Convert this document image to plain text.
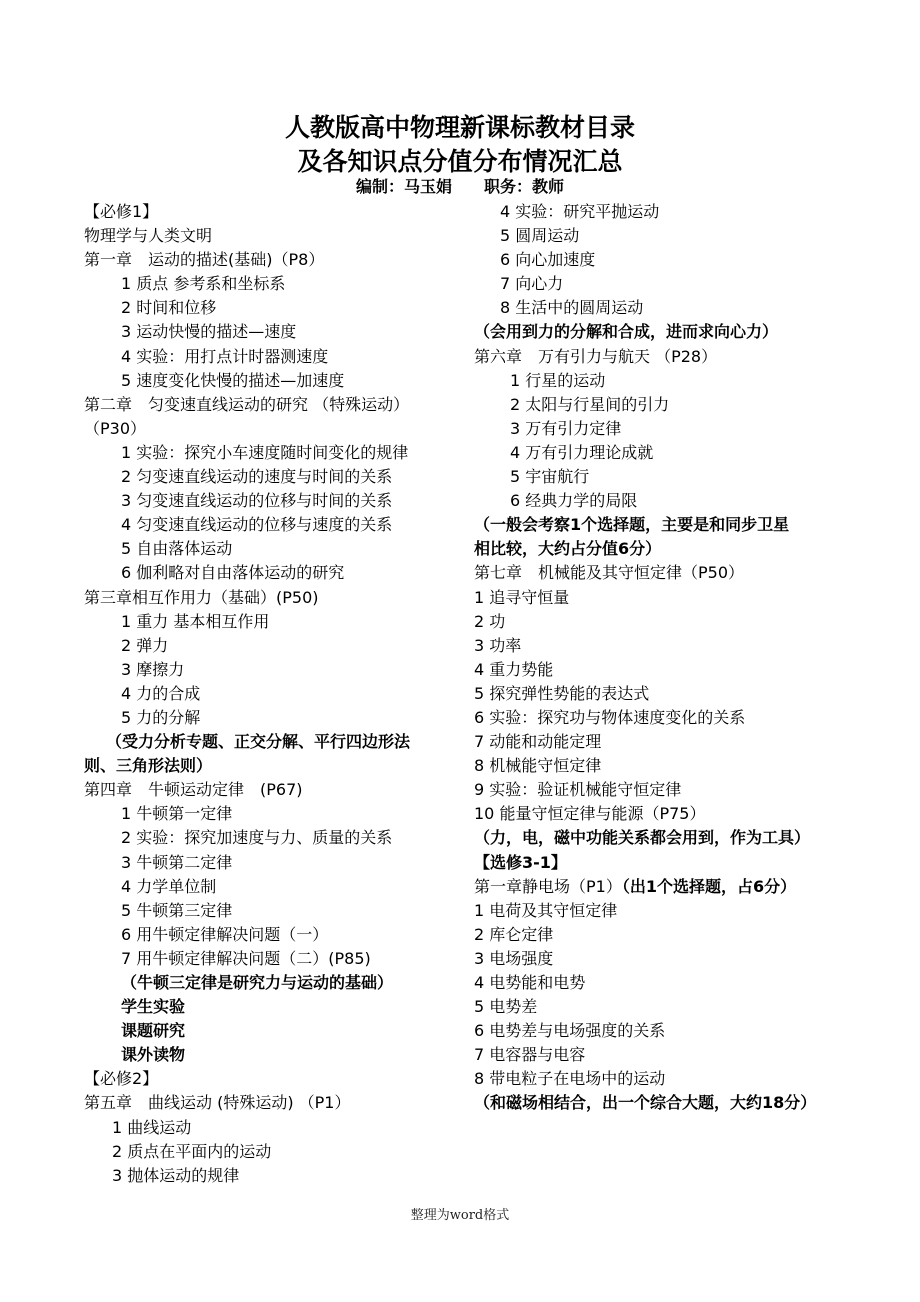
人教版高中物理新课标教材目录
及各知识点分值分布情况汇总
编制：马玉娟　　职务：教师
【必修1】
物理学与人类文明
第一章　运动的描述(基础)（P8）
1 质点 参考系和坐标系
2 时间和位移
3 运动快慢的描述—速度
4 实验：用打点计时器测速度
5 速度变化快慢的描述—加速度
第二章　匀变速直线运动的研究 （特殊运动）
（P30）
1 实验：探究小车速度随时间变化的规律
2 匀变速直线运动的速度与时间的关系
3 匀变速直线运动的位移与时间的关系
4 匀变速直线运动的位移与速度的关系
5 自由落体运动
6 伽利略对自由落体运动的研究
第三章相互作用力（基础）(P50)
1 重力 基本相互作用
2 弹力
3 摩擦力
4 力的合成
5 力的分解
（受力分析专题、正交分解、平行四边形法
则、三角形法则）
第四章　牛顿运动定律　(P67)
1 牛顿第一定律
2 实验：探究加速度与力、质量的关系
3 牛顿第二定律
4 力学单位制
5 牛顿第三定律
6 用牛顿定律解决问题（一）
7 用牛顿定律解决问题（二）(P85)
（牛顿三定律是研究力与运动的基础）
学生实验
课题研究
课外读物
【必修2】
第五章　曲线运动 (特殊运动) （P1）
1 曲线运动
2 质点在平面内的运动
3 抛体运动的规律
4 实验：研究平抛运动
5 圆周运动
6 向心加速度
7 向心力
8 生活中的圆周运动
（会用到力的分解和合成，进而求向心力）
第六章　万有引力与航天 （P28）
1 行星的运动
2 太阳与行星间的引力
3 万有引力定律
4 万有引力理论成就
5 宇宙航行
6 经典力学的局限
（一般会考察1个选择题，主要是和同步卫星
相比较，大约占分值6分）
第七章　机械能及其守恒定律（P50）
1 追寻守恒量
2 功
3 功率
4 重力势能
5 探究弹性势能的表达式
6 实验：探究功与物体速度变化的关系
7 动能和动能定理
8 机械能守恒定律
9 实验：验证机械能守恒定律
10 能量守恒定律与能源（P75）
（力，电，磁中功能关系都会用到，作为工具）
【选修3-1】
第一章静电场（P1）（出1个选择题，占6分）
1 电荷及其守恒定律
2 库仑定律
3 电场强度
4 电势能和电势
5 电势差
6 电势差与电场强度的关系
7 电容器与电容
8 带电粒子在电场中的运动
（和磁场相结合，出一个综合大题，大约18分）
整理为word格式
